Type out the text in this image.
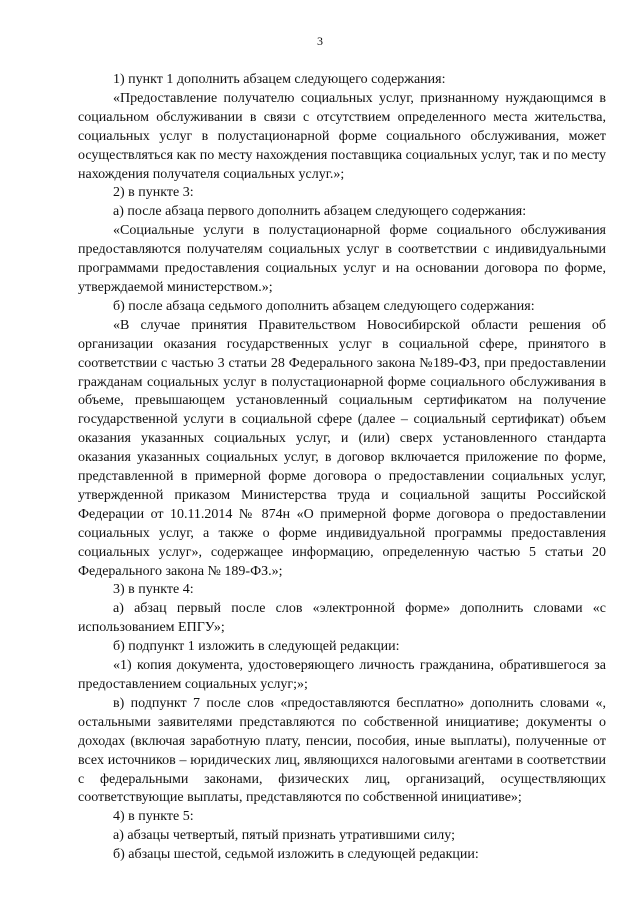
3

1) пункт 1 дополнить абзацем следующего содержания:

«Предоставление получателю социальных услуг, признанному нуждающимся в социальном обслуживании в связи с отсутствием определенного места жительства, социальных услуг в полустационарной форме социального обслуживания, может осуществляться как по месту нахождения поставщика социальных услуг, так и по месту нахождения получателя социальных услуг.»;

2) в пункте 3:

а) после абзаца первого дополнить абзацем следующего содержания:

«Социальные услуги в полустационарной форме социального обслуживания предоставляются получателям социальных услуг в соответствии с индивидуальными программами предоставления социальных услуг и на основании договора по форме, утверждаемой министерством.»;

б) после абзаца седьмого дополнить абзацем следующего содержания:

«В случае принятия Правительством Новосибирской области решения об организации оказания государственных услуг в социальной сфере, принятого в соответствии с частью 3 статьи 28 Федерального закона №189-ФЗ, при предоставлении гражданам социальных услуг в полустационарной форме социального обслуживания в объеме, превышающем установленный социальным сертификатом на получение государственной услуги в социальной сфере (далее – социальный сертификат) объем оказания указанных социальных услуг, и (или) сверх установленного стандарта оказания указанных социальных услуг, в договор включается приложение по форме, представленной в примерной форме договора о предоставлении социальных услуг, утвержденной приказом Министерства труда и социальной защиты Российской Федерации от 10.11.2014 № 874н «О примерной форме договора о предоставлении социальных услуг, а также о форме индивидуальной программы предоставления социальных услуг», содержащее информацию, определенную частью 5 статьи 20 Федерального закона № 189-ФЗ.»;

3) в пункте 4:

а) абзац первый после слов «электронной форме» дополнить словами «с использованием ЕПГУ»;

б) подпункт 1 изложить в следующей редакции:

«1) копия документа, удостоверяющего личность гражданина, обратившегося за предоставлением социальных услуг;»;

в) подпункт 7 после слов «предоставляются бесплатно» дополнить словами «, остальными заявителями представляются по собственной инициативе; документы о доходах (включая заработную плату, пенсии, пособия, иные выплаты), полученные от всех источников – юридических лиц, являющихся налоговыми агентами в соответствии с федеральными законами, физических лиц, организаций, осуществляющих соответствующие выплаты, представляются по собственной инициативе»;

4) в пункте 5:

а) абзацы четвертый, пятый признать утратившими силу;

б) абзацы шестой, седьмой изложить в следующей редакции:
